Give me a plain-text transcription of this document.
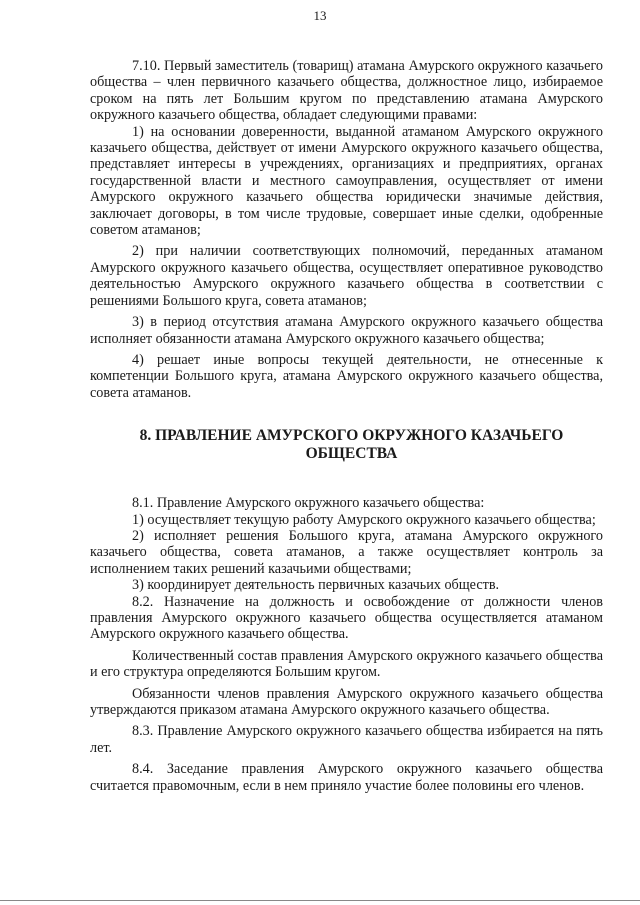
13

7.10. Первый заместитель (товарищ) атамана Амурского окружного казачьего общества – член первичного казачьего общества, должностное лицо, избираемое сроком на пять лет Большим кругом по представлению атамана Амурского окружного казачьего общества, обладает следующими правами:

1) на основании доверенности, выданной атаманом Амурского окружного казачьего общества, действует от имени Амурского окружного казачьего общества, представляет интересы в учреждениях, организациях и предприятиях, органах государственной власти и местного самоуправления, осуществляет от имени Амурского окружного казачьего общества юридически значимые действия, заключает договоры, в том числе трудовые, совершает иные сделки, одобренные советом атаманов;

2) при наличии соответствующих полномочий, переданных атаманом Амурского окружного казачьего общества, осуществляет оперативное руководство деятельностью Амурского окружного казачьего общества в соответствии с решениями Большого круга, совета атаманов;

3) в период отсутствия атамана Амурского окружного казачьего общества исполняет обязанности атамана Амурского окружного казачьего общества;

4) решает иные вопросы текущей деятельности, не отнесенные к компетенции Большого круга, атамана Амурского окружного казачьего общества, совета атаманов.

8. ПРАВЛЕНИЕ АМУРСКОГО ОКРУЖНОГО КАЗАЧЬЕГО
ОБЩЕСТВА

8.1. Правление Амурского окружного казачьего общества:

1) осуществляет текущую работу Амурского окружного казачьего общества;

2) исполняет решения Большого круга, атамана Амурского окружного казачьего общества, совета атаманов, а также осуществляет контроль за исполнением таких решений казачьими обществами;

3) координирует деятельность первичных казачьих обществ.

8.2. Назначение на должность и освобождение от должности членов правления Амурского окружного казачьего общества осуществляется атаманом Амурского окружного казачьего общества.

Количественный состав правления Амурского окружного казачьего общества и его структура определяются Большим кругом.

Обязанности членов правления Амурского окружного казачьего общества утверждаются приказом атамана Амурского окружного казачьего общества.

8.3. Правление Амурского окружного казачьего общества избирается на пять лет.

8.4. Заседание правления Амурского окружного казачьего общества считается правомочным, если в нем приняло участие более половины его членов.
